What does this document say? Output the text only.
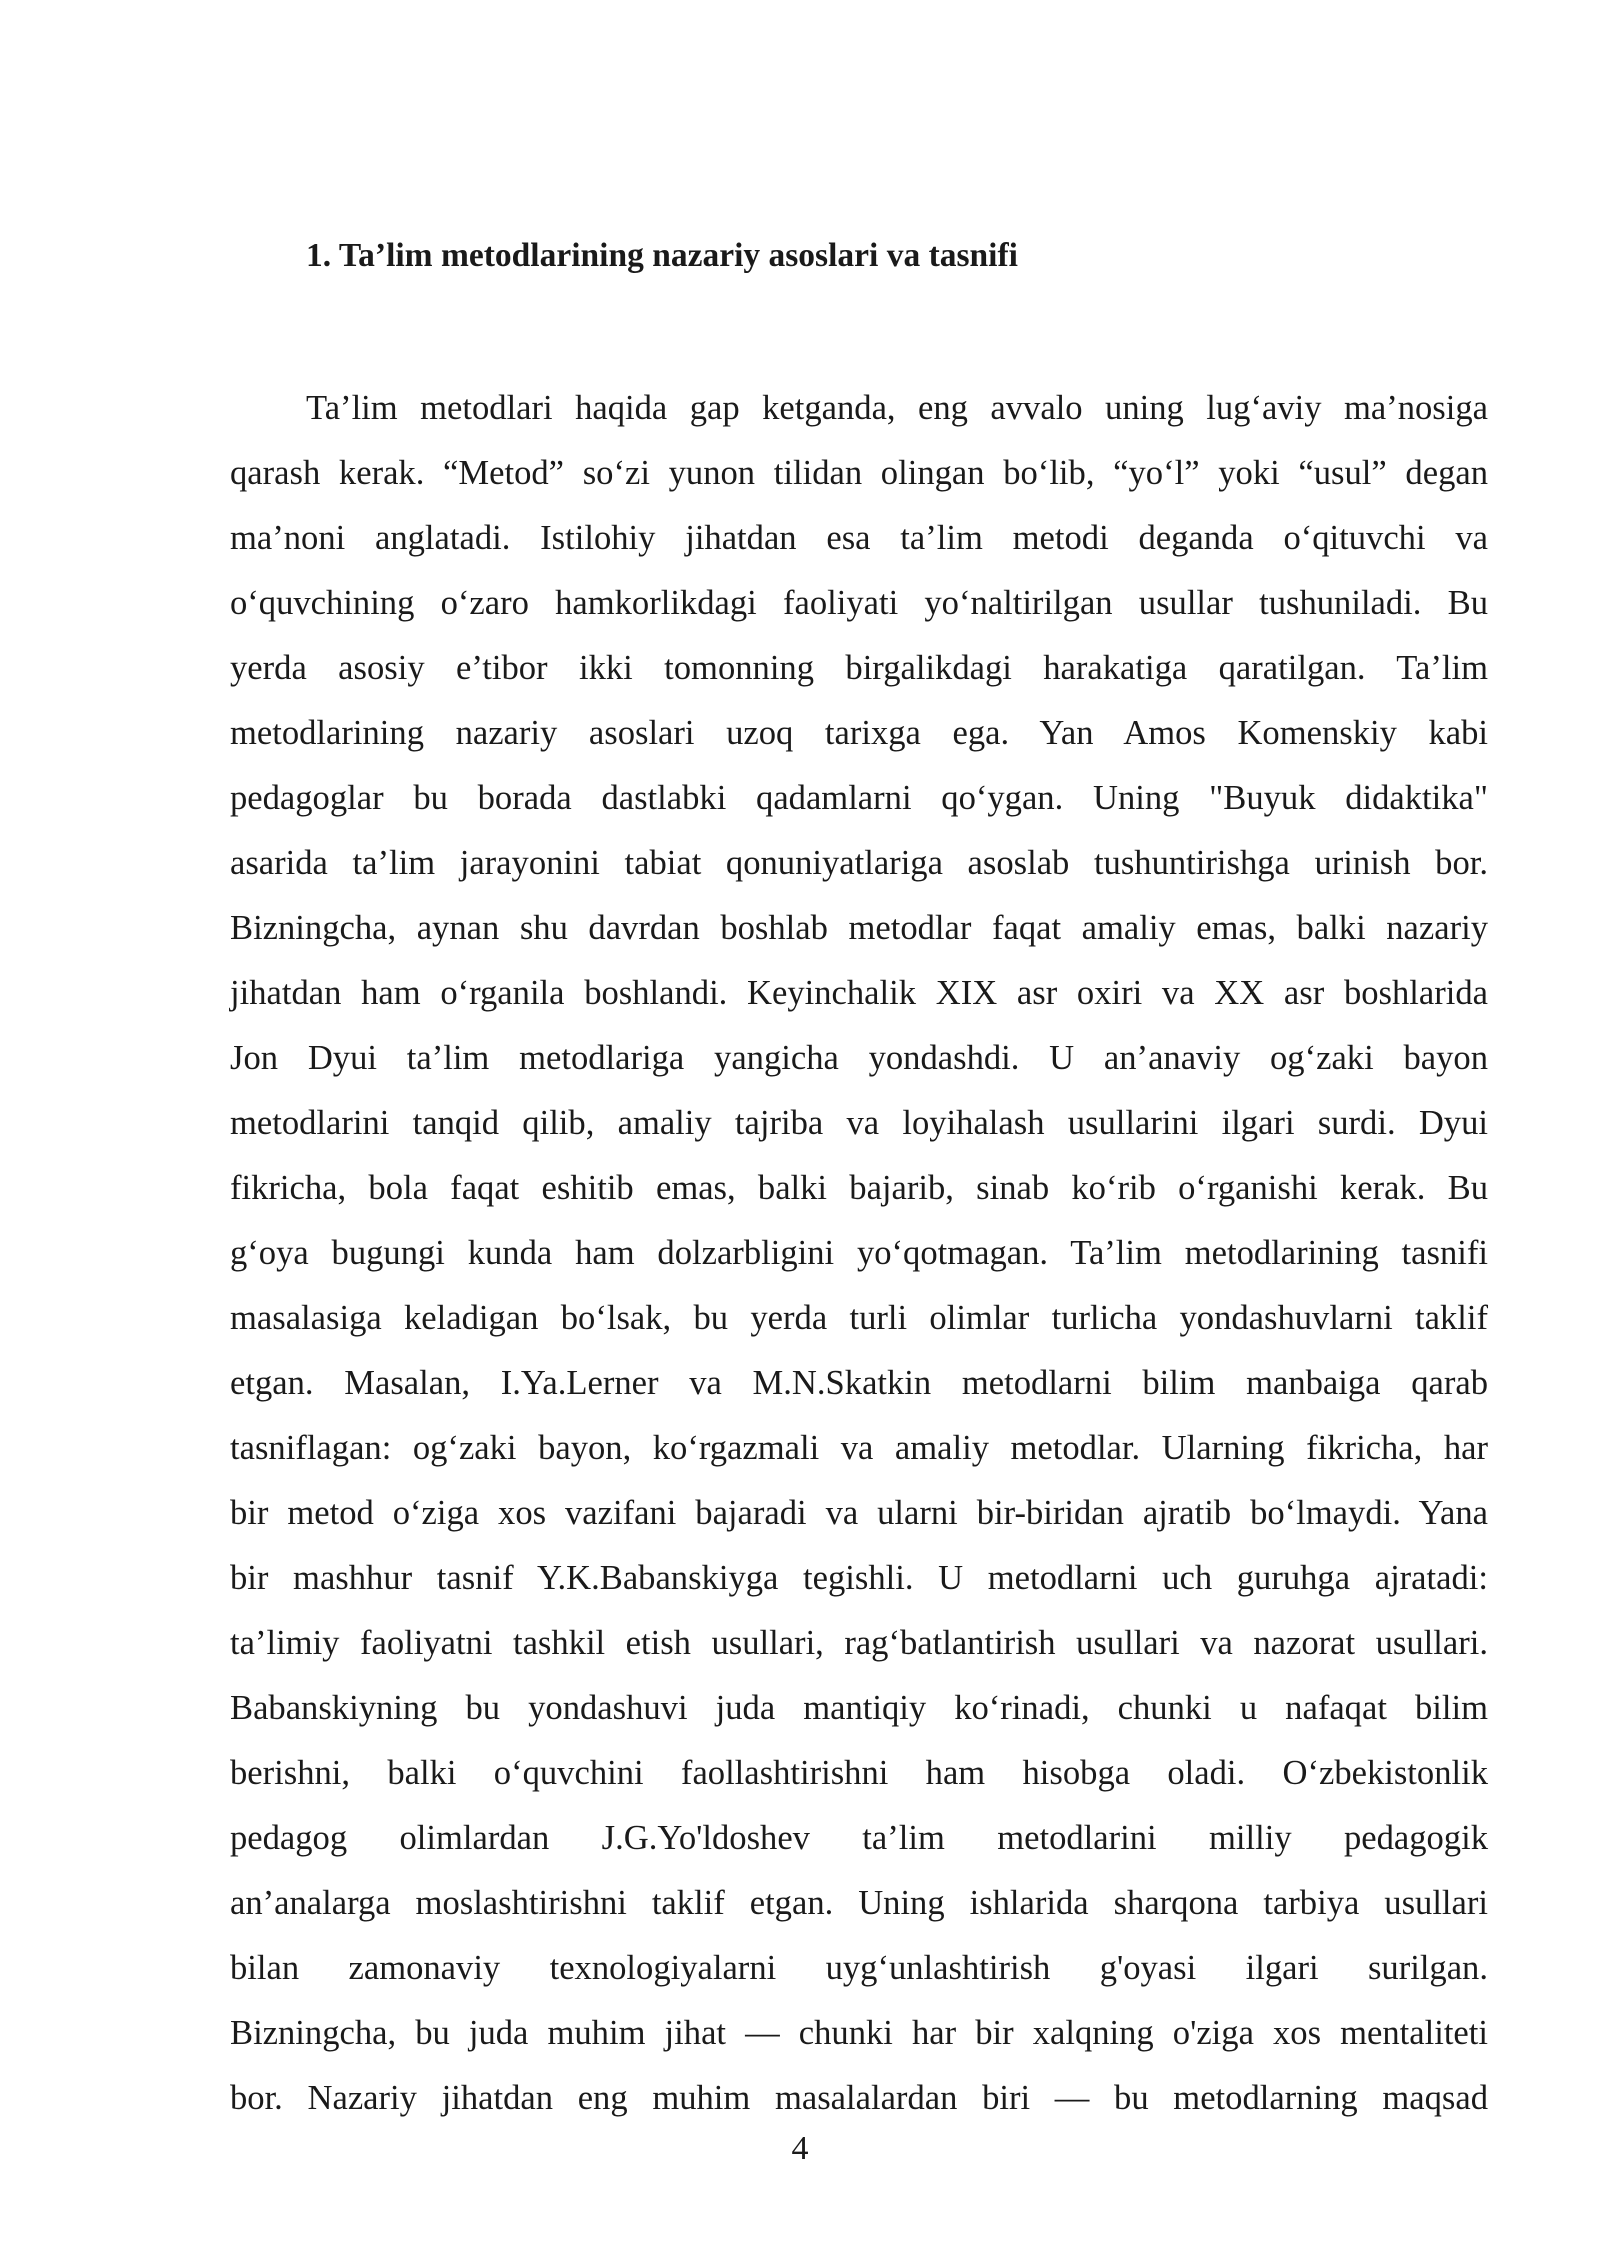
1. Ta’lim metodlarining nazariy asoslari va tasnifi
Ta’lim metodlari haqida gap ketganda, eng avvalo uning lug‘aviy ma’nosiga
qarash kerak. “Metod” so‘zi yunon tilidan olingan bo‘lib, “yo‘l” yoki “usul” degan
ma’noni anglatadi. Istilohiy jihatdan esa ta’lim metodi deganda o‘qituvchi va
o‘quvchining o‘zaro hamkorlikdagi faoliyati yo‘naltirilgan usullar tushuniladi. Bu
yerda asosiy e’tibor ikki tomonning birgalikdagi harakatiga qaratilgan. Ta’lim
metodlarining nazariy asoslari uzoq tarixga ega. Yan Amos Komenskiy kabi
pedagoglar bu borada dastlabki qadamlarni qo‘ygan. Uning "Buyuk didaktika"
asarida ta’lim jarayonini tabiat qonuniyatlariga asoslab tushuntirishga urinish bor.
Bizningcha, aynan shu davrdan boshlab metodlar faqat amaliy emas, balki nazariy
jihatdan ham o‘rganila boshlandi. Keyinchalik XIX asr oxiri va XX asr boshlarida
Jon Dyui ta’lim metodlariga yangicha yondashdi. U an’anaviy og‘zaki bayon
metodlarini tanqid qilib, amaliy tajriba va loyihalash usullarini ilgari surdi. Dyui
fikricha, bola faqat eshitib emas, balki bajarib, sinab ko‘rib o‘rganishi kerak. Bu
g‘oya bugungi kunda ham dolzarbligini yo‘qotmagan. Ta’lim metodlarining tasnifi
masalasiga keladigan bo‘lsak, bu yerda turli olimlar turlicha yondashuvlarni taklif
etgan. Masalan, I.Ya.Lerner va M.N.Skatkin metodlarni bilim manbaiga qarab
tasniflagan: og‘zaki bayon, ko‘rgazmali va amaliy metodlar. Ularning fikricha, har
bir metod o‘ziga xos vazifani bajaradi va ularni bir-biridan ajratib bo‘lmaydi. Yana
bir mashhur tasnif Y.K.Babanskiyga tegishli. U metodlarni uch guruhga ajratadi:
ta’limiy faoliyatni tashkil etish usullari, rag‘batlantirish usullari va nazorat usullari.
Babanskiyning bu yondashuvi juda mantiqiy ko‘rinadi, chunki u nafaqat bilim
berishni, balki o‘quvchini faollashtirishni ham hisobga oladi. O‘zbekistonlik
pedagog olimlardan J.G.Yo'ldoshev ta’lim metodlarini milliy pedagogik
an’analarga moslashtirishni taklif etgan. Uning ishlarida sharqona tarbiya usullari
bilan zamonaviy texnologiyalarni uyg‘unlashtirish g'oyasi ilgari surilgan.
Bizningcha, bu juda muhim jihat — chunki har bir xalqning o'ziga xos mentaliteti
bor. Nazariy jihatdan eng muhim masalalardan biri — bu metodlarning maqsad
4
